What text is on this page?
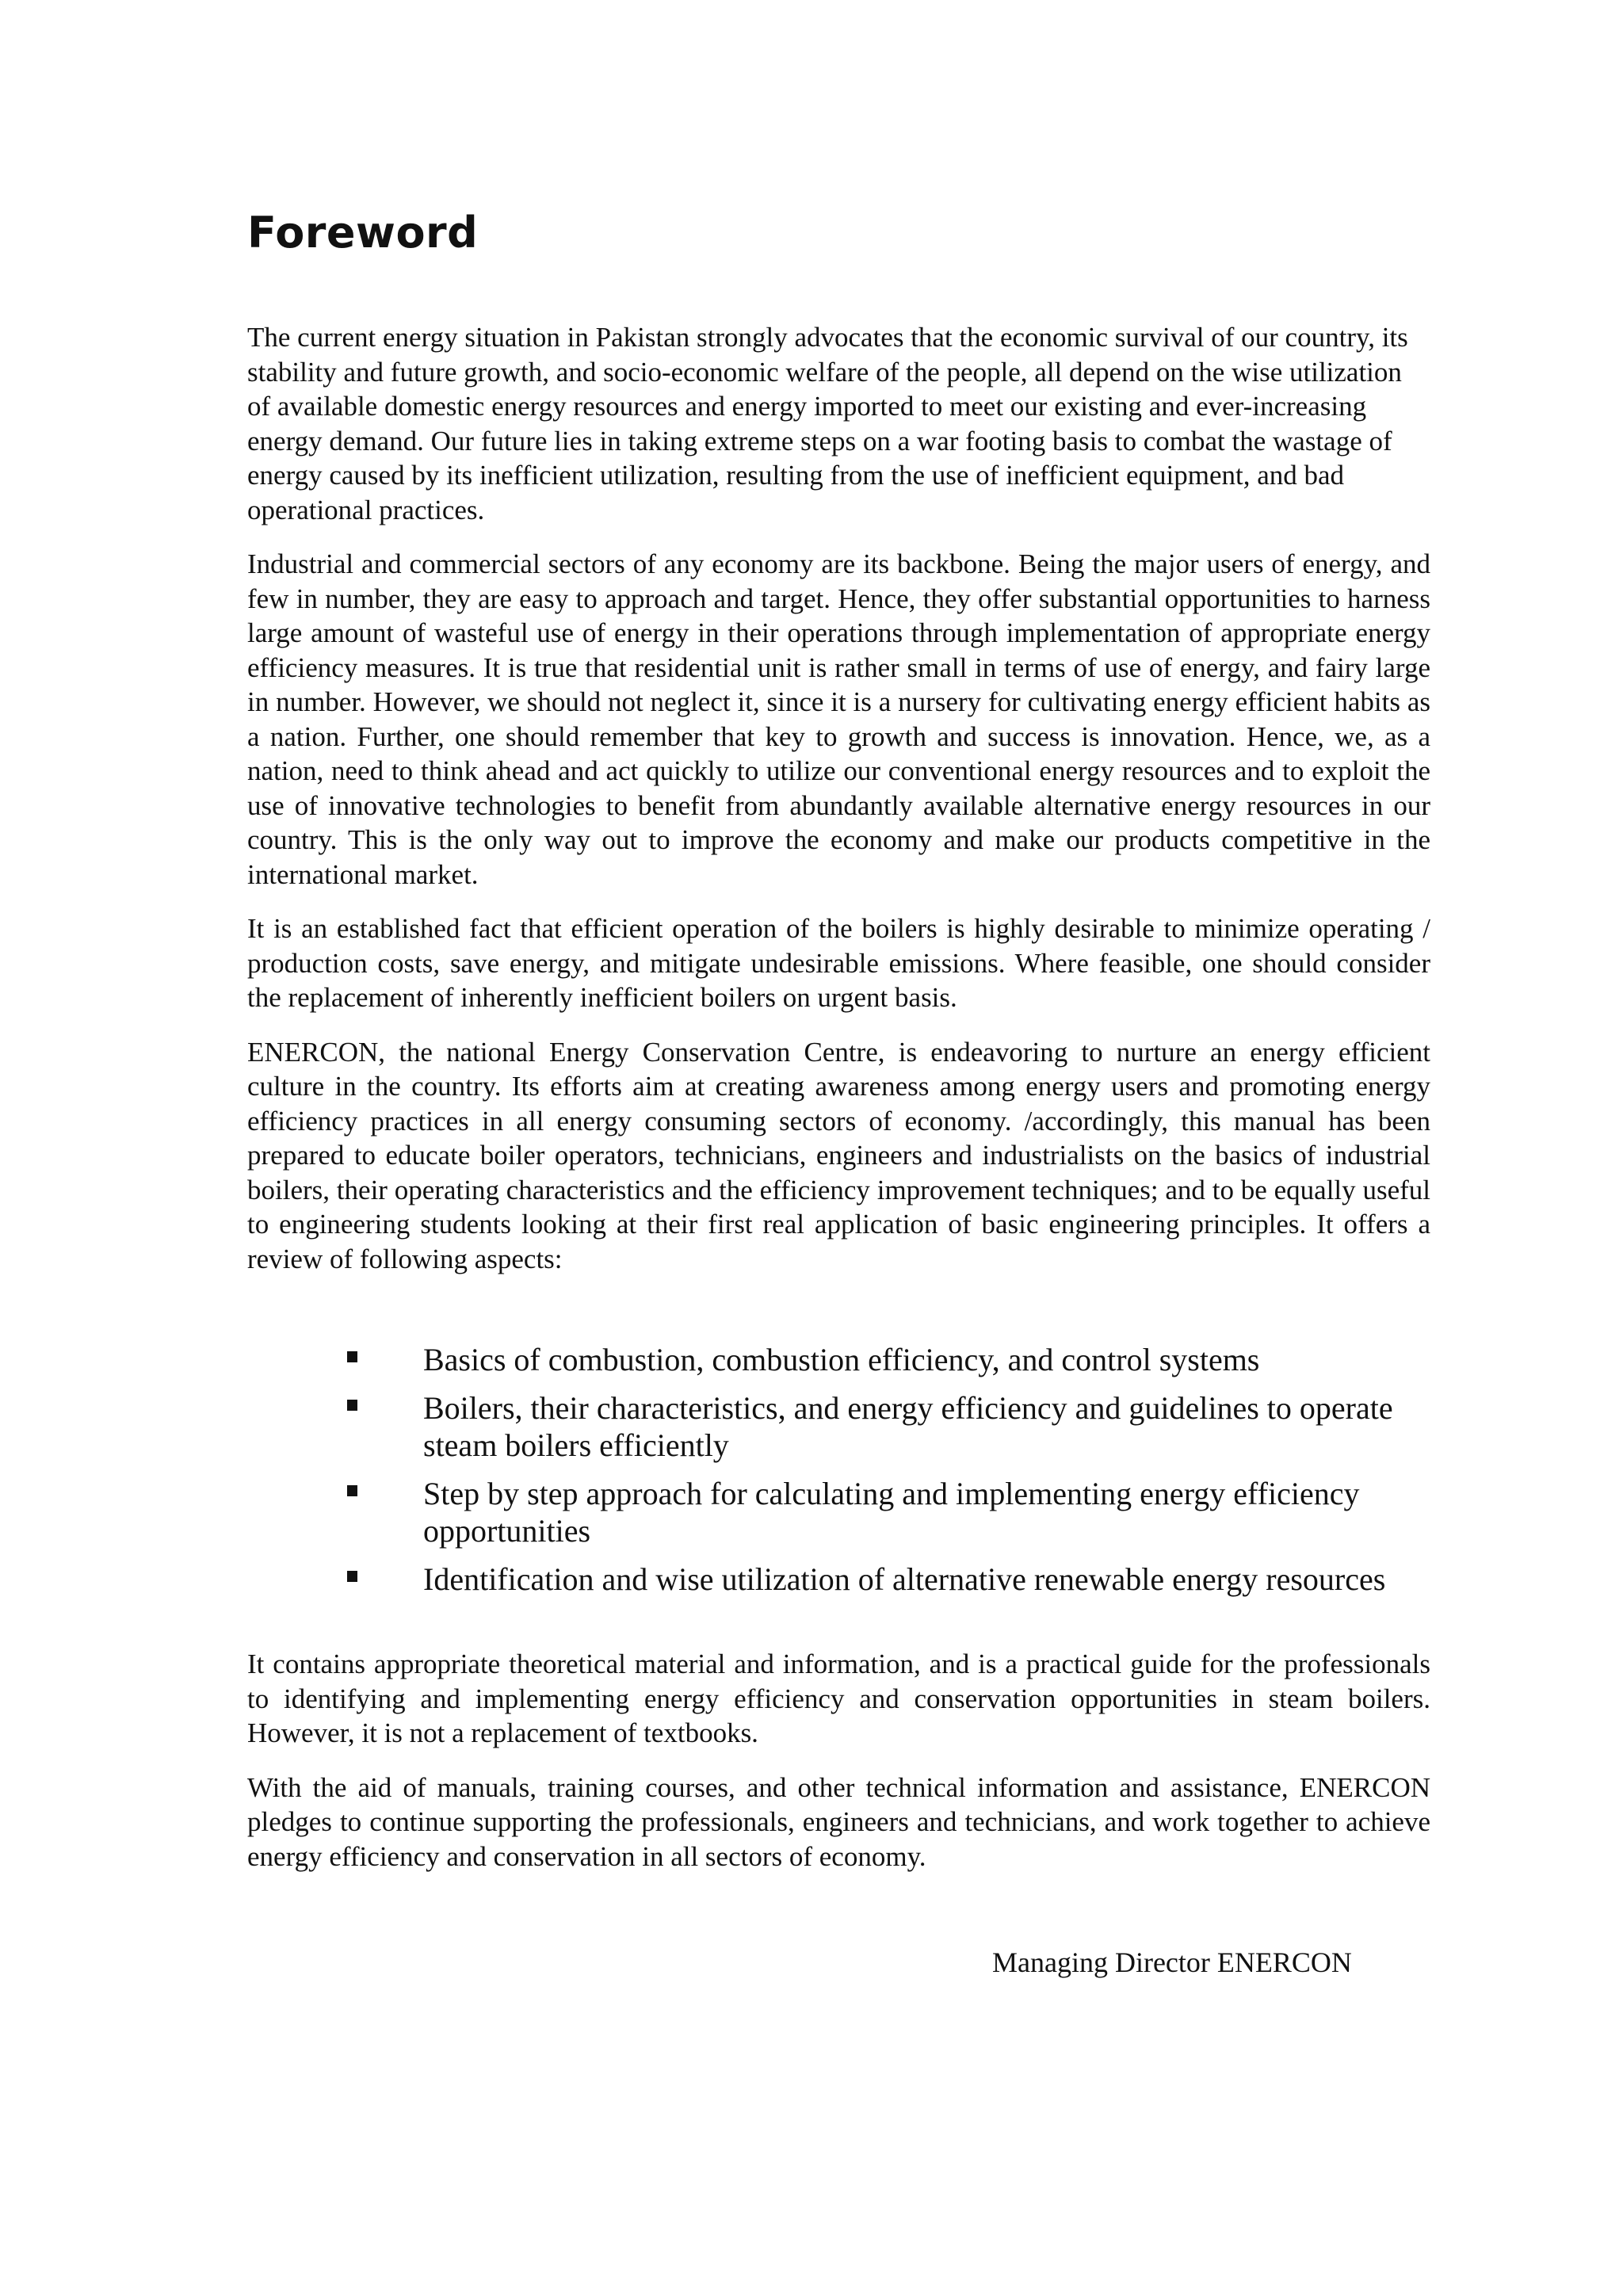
Foreword

The current energy situation in Pakistan strongly advocates that the economic survival of our country, its stability and future growth, and socio-economic welfare of the people, all depend on the wise utilization of available domestic energy resources and energy imported to meet our existing and ever-increasing energy demand. Our future lies in taking extreme steps on a war footing basis to combat the wastage of energy caused by its inefficient utilization, resulting from the use of inefficient equipment, and bad operational practices.

Industrial and commercial sectors of any economy are its backbone. Being the major users of energy, and few in number, they are easy to approach and target. Hence, they offer substantial opportunities to harness large amount of wasteful use of energy in their operations through implementation of appropriate energy efficiency measures. It is true that residential unit is rather small in terms of use of energy, and fairy large in number. However, we should not neglect it, since it is a nursery for cultivating energy efficient habits as a nation. Further, one should remember that key to growth and success is innovation. Hence, we, as a nation, need to think ahead and act quickly to utilize our conventional energy resources and to exploit the use of innovative technologies to benefit from abundantly available alternative energy resources in our country. This is the only way out to improve the economy and make our products competitive in the international market.

It is an established fact that efficient operation of the boilers is highly desirable to minimize operating / production costs, save energy, and mitigate undesirable emissions. Where feasible, one should consider the replacement of inherently inefficient boilers on urgent basis.

ENERCON, the national Energy Conservation Centre, is endeavoring to nurture an energy efficient culture in the country. Its efforts aim at creating awareness among energy users and promoting energy efficiency practices in all energy consuming sectors of economy. /accordingly, this manual has been prepared to educate boiler operators, technicians, engineers and industrialists on the basics of industrial boilers, their operating characteristics and the efficiency improvement techniques; and to be equally useful to engineering students looking at their first real application of basic engineering principles. It offers a review of following aspects:

Basics of combustion, combustion efficiency, and control systems
Boilers, their characteristics, and energy efficiency and guidelines to operate steam boilers efficiently
Step by step approach for calculating and implementing energy efficiency opportunities
Identification and wise utilization of alternative renewable energy resources

It contains appropriate theoretical material and information, and is a practical guide for the professionals to identifying and implementing energy efficiency and conservation opportunities in steam boilers. However, it is not a replacement of textbooks.

With the aid of manuals, training courses, and other technical information and assistance, ENERCON pledges to continue supporting the professionals, engineers and technicians, and work together to achieve energy efficiency and conservation in all sectors of economy.

Managing Director ENERCON
